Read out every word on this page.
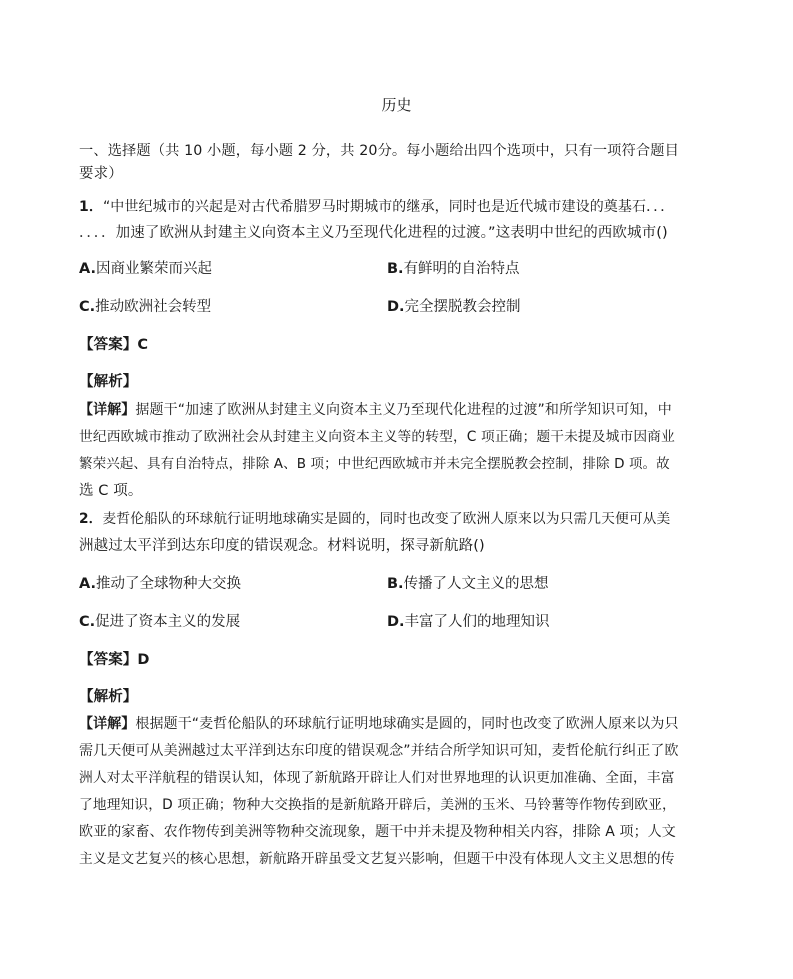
历史
一、选择题（共 10 小题，每小题 2 分，共 20分。每小题给出四个选项中，只有一项符合题目
要求）
1．“中世纪城市的兴起是对古代希腊罗马时期城市的继承，同时也是近代城市建设的奠基石．．．
．．．．加速了欧洲从封建主义向资本主义乃至现代化进程的过渡。”这表明中世纪的西欧城市()
A.因商业繁荣而兴起	B.有鲜明的自治特点
C.推动欧洲社会转型	D.完全摆脱教会控制
【答案】C
【解析】
【详解】据题干“加速了欧洲从封建主义向资本主义乃至现代化进程的过渡”和所学知识可知，中
世纪西欧城市推动了欧洲社会从封建主义向资本主义等的转型，C 项正确；题干未提及城市因商业
繁荣兴起、具有自治特点，排除 A、B 项；中世纪西欧城市并未完全摆脱教会控制，排除 D 项。故
选 C 项。
2．麦哲伦船队的环球航行证明地球确实是圆的，同时也改变了欧洲人原来以为只需几天便可从美
洲越过太平洋到达东印度的错误观念。材料说明，探寻新航路()
A.推动了全球物种大交换	B.传播了人文主义的思想
C.促进了资本主义的发展	D.丰富了人们的地理知识
【答案】D
【解析】
【详解】根据题干“麦哲伦船队的环球航行证明地球确实是圆的，同时也改变了欧洲人原来以为只
需几天便可从美洲越过太平洋到达东印度的错误观念”并结合所学知识可知，麦哲伦航行纠正了欧
洲人对太平洋航程的错误认知，体现了新航路开辟让人们对世界地理的认识更加准确、全面，丰富
了地理知识，D 项正确；物种大交换指的是新航路开辟后，美洲的玉米、马铃薯等作物传到欧亚，
欧亚的家畜、农作物传到美洲等物种交流现象，题干中并未提及物种相关内容，排除 A 项；人文
主义是文艺复兴的核心思想，新航路开辟虽受文艺复兴影响，但题干中没有体现人文主义思想的传
